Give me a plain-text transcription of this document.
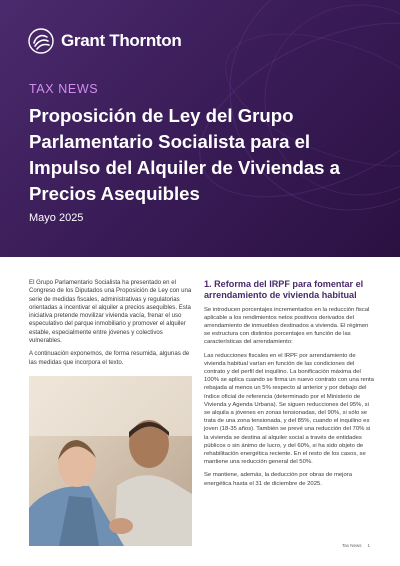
Grant Thornton
TAX NEWS
Proposición de Ley del Grupo Parlamentario Socialista para el Impulso del Alquiler de Viviendas a Precios Asequibles
Mayo 2025

El Grupo Parlamentario Socialista ha presentado en el Congreso de los Diputados una Proposición de Ley con una serie de medidas fiscales, administrativas y regulatorias orientadas a incentivar el alquiler a precios asequibles. Esta iniciativa pretende movilizar vivienda vacía, frenar el uso especulativo del parque inmobiliario y promover el alquiler estable, especialmente entre jóvenes y colectivos vulnerables.

A continuación exponemos, de forma resumida, algunas de las medidas que incorpora el texto.

1. Reforma del IRPF para fomentar el arrendamiento de vivienda habitual

Se introducen porcentajes incrementados en la reducción fiscal aplicable a los rendimientos netos positivos derivados del arrendamiento de inmuebles destinados a vivienda. El régimen se estructura con distintos porcentajes en función de las características del arrendamiento:

Las reducciones fiscales en el IRPF por arrendamiento de vivienda habitual varían en función de las condiciones del contrato y del perfil del inquilino. La bonificación máxima del 100% se aplica cuando se firma un nuevo contrato con una renta rebajada al menos un 5% respecto al anterior y por debajo del índice oficial de referencia (determinado por el Ministerio de Vivienda y Agenda Urbana). Se siguen reducciones del 95%, si se alquila a jóvenes en zonas tensionadas, del 90%, si sólo se trata de una zona tensionada, y del 85%, cuando el inquilino es joven (18-35 años). También se prevé una reducción del 70% si la vivienda se destina al alquiler social a través de entidades públicos o sin ánimo de lucro, y del 60%, si ha sido objeto de rehabilitación energética reciente. En el resto de los casos, se mantiene una reducción general del 50%.

Se mantiene, además, la deducción por obras de mejora energética hasta el 31 de diciembre de 2025.

Tax News 1
